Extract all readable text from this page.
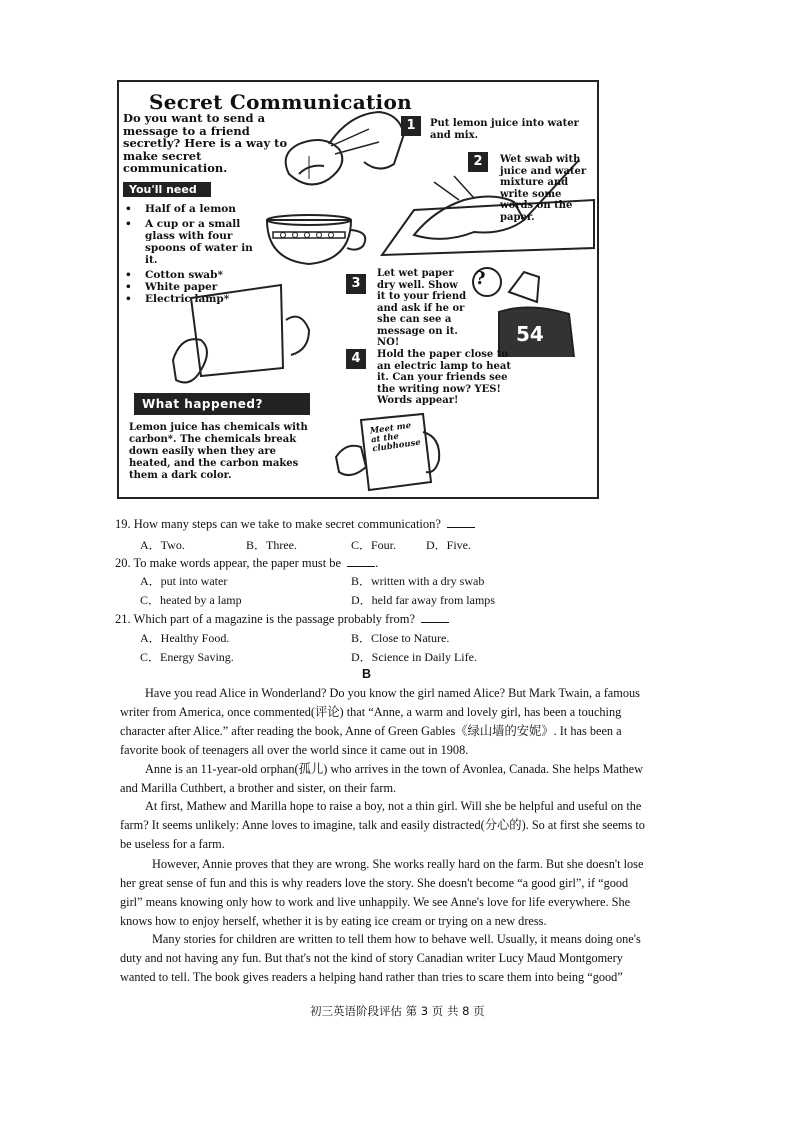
Secret Communication
Do you want to send a message to a friend secretly? Here is a way to make secret communication.
You'll need
• Half of a lemon
• A cup or a small glass with four spoons of water in it.
• Cotton swab*
• White paper
• Electric lamp*
?
54
Meet me at the clubhouse
1	Put lemon juice into water and mix.
2	Wet swab with juice and water mixture and write some words on the paper.
3
Let wet paper dry well. Show it to your friend and ask if he or she can see a message on it. NO!
4	Hold the paper close to an electric lamp to heat it. Can your friends see the writing now? YES! Words appear!
What happened?
Lemon juice has chemicals with carbon*. The chemicals break down easily when they are heated, and the carbon makes them a dark color.
19. How many steps can we take to make secret communication?
A．Two.	B．Three.	C．Four. D．Five.
20. To make words appear, the paper must be	.
A．put into water	B．written with a dry swab
C．heated by a lamp	D．held far away from lamps
21. Which part of a magazine is the passage probably from?
A．Healthy Food.	B．Close to Nature.
C．Energy Saving.	D．Science in Daily Life.
B
Have you read Alice in Wonderland? Do you know the girl named Alice? But Mark Twain, a famous
writer from America, once commented(评论) that “Anne, a warm and lovely girl, has been a touching
character after Alice.” after reading the book, Anne of Green Gables《绿山墙的安妮》. It has been a
favorite book of teenagers all over the world since it came out in 1908.
Anne is an 11-year-old orphan(孤儿) who arrives in the town of Avonlea, Canada. She helps Mathew
and Marilla Cuthbert, a brother and sister, on their farm.
At first, Mathew and Marilla hope to raise a boy, not a thin girl. Will she be helpful and useful on the
farm? It seems unlikely: Anne loves to imagine, talk and easily distracted(分心的). So at first she seems to
be useless for a farm.
However, Annie proves that they are wrong. She works really hard on the farm. But she doesn't lose
her great sense of fun and this is why readers love the story. She doesn't become “a good girl”, if “good
girl” means knowing only how to work and live unhappily. We see Anne's love for life everywhere. She
knows how to enjoy herself, whether it is by eating ice cream or trying on a new dress.
Many stories for children are written to tell them how to behave well. Usually, it means doing one's
duty and not having any fun. But that's not the kind of story Canadian writer Lucy Maud Montgomery
wanted to tell. The book gives readers a helping hand rather than tries to scare them into being “good”
初三英语阶段评估 第 3 页 共 8 页
